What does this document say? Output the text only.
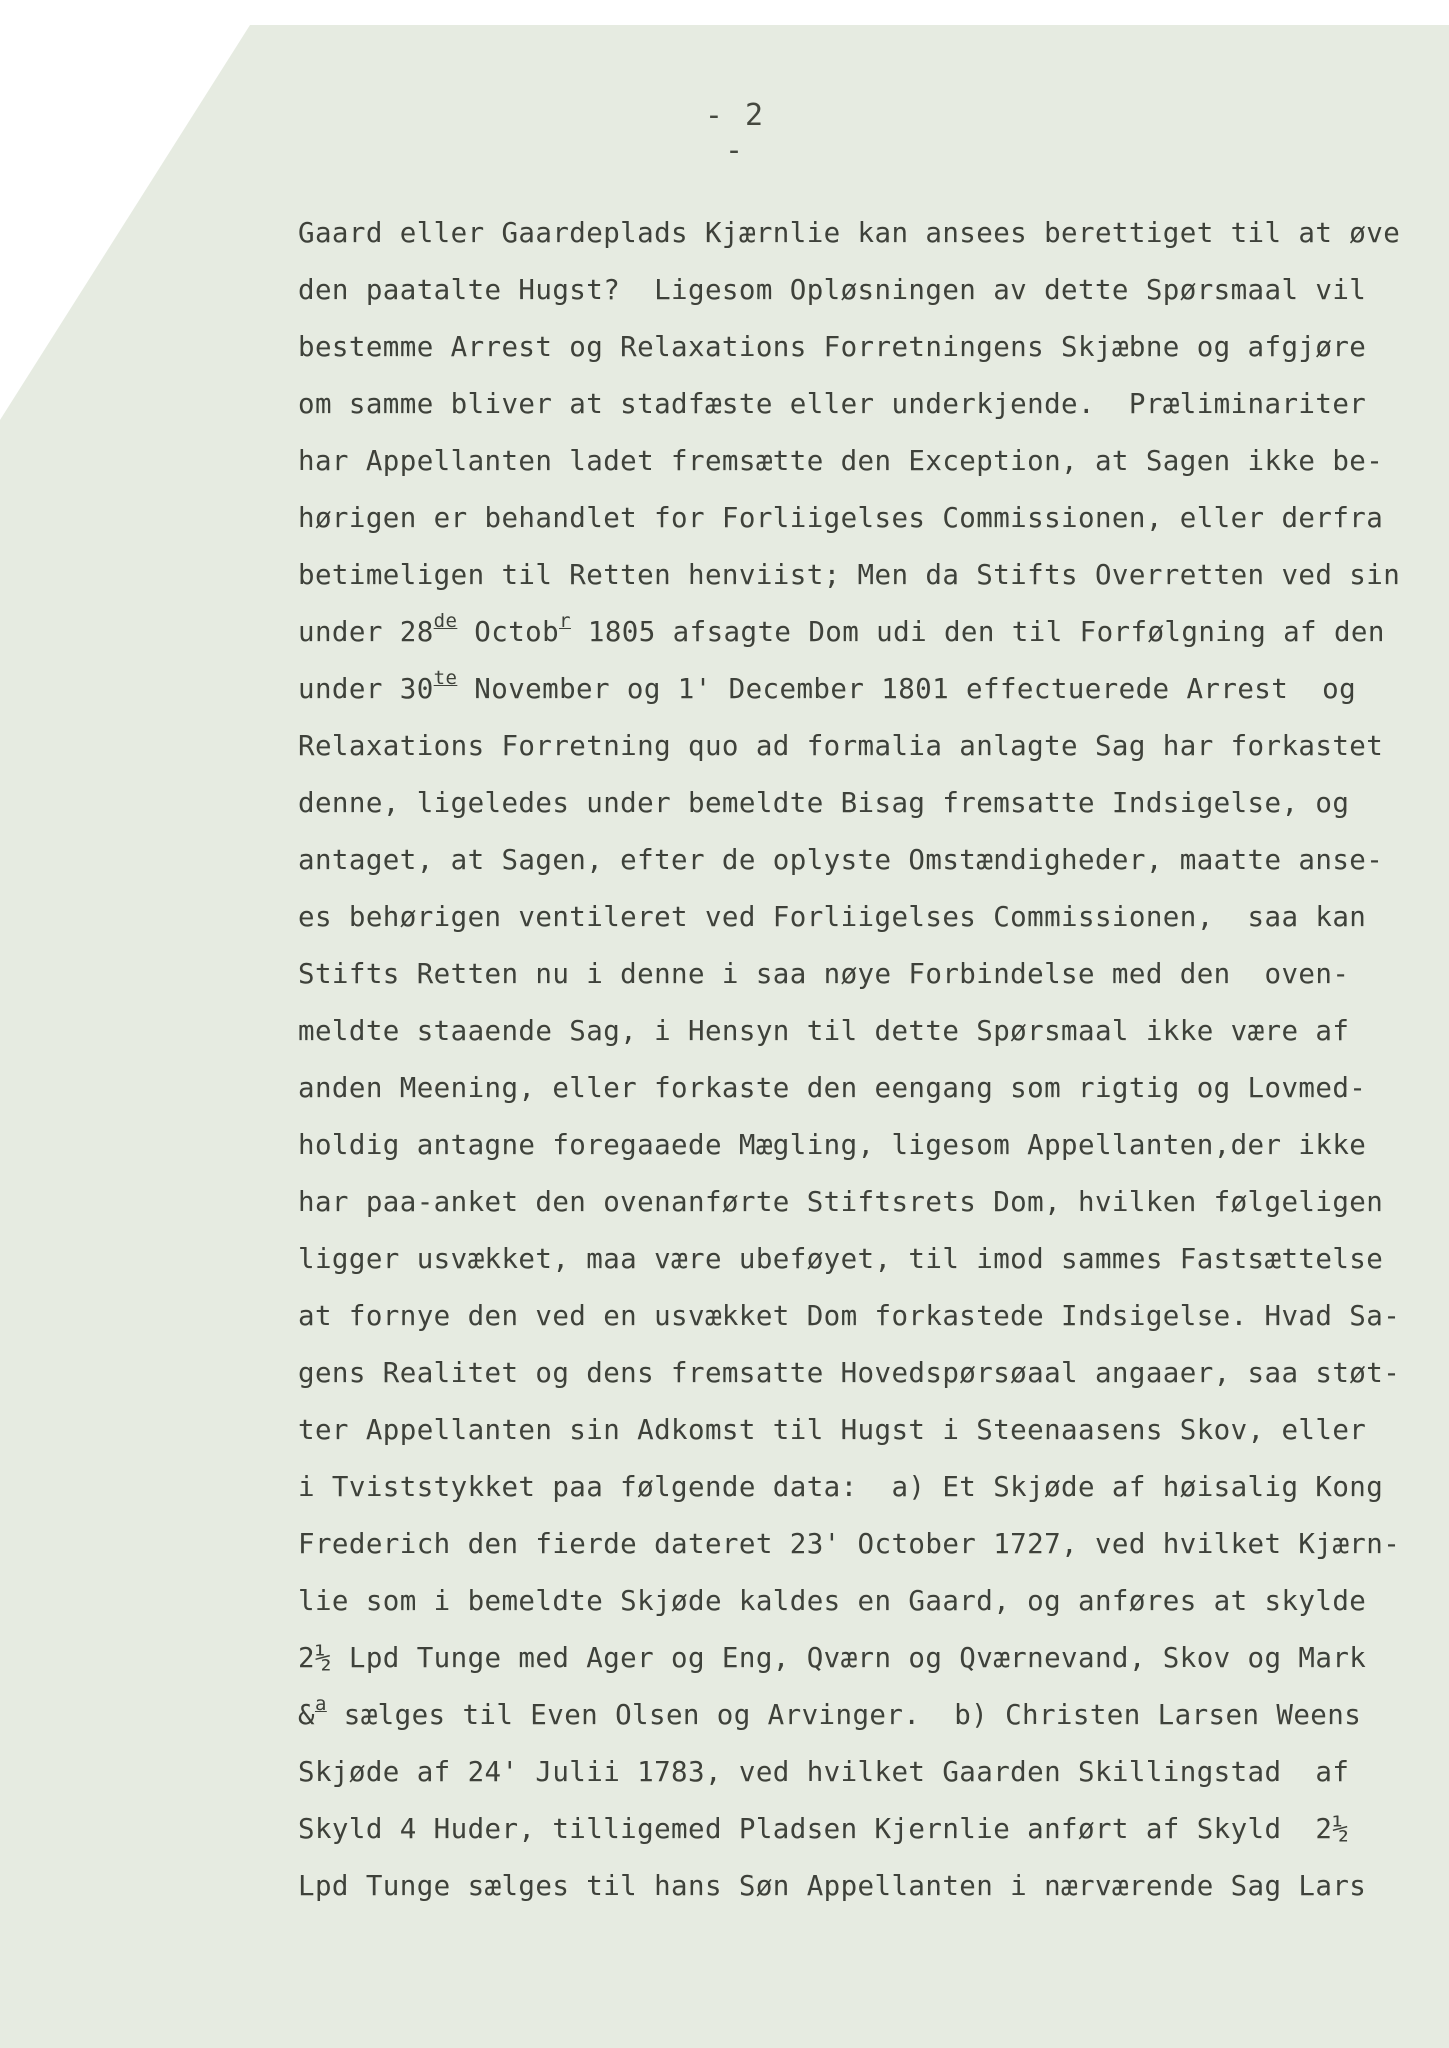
- 2 -
Gaard eller Gaardeplads Kjærnlie kan ansees berettiget til at øve
den paatalte Hugst?  Ligesom Opløsningen av dette Spørsmaal vil
bestemme Arrest og Relaxations Forretningens Skjæbne og afgjøre
om samme bliver at stadfæste eller underkjende.  Præliminariter
har Appellanten ladet fremsætte den Exception, at Sagen ikke be-
hørigen er behandlet for Forliigelses Commissionen, eller derfra
betimeligen til Retten henviist; Men da Stifts Overretten ved sin
under 28de Octob$^r$ 1805 afsagte Dom udi den til Forfølgning af den
under $30^{te}$ November og 1' December 1801 effectuerede Arrest  og
Relaxations Forretning quo ad formalia anlagte Sag har forkastet
denne, ligeledes under bemeldte Bisag fremsatte Indsigelse, og
antaget, at Sagen, efter de oplyste Omstændigheder, maatte anse-
es behørigen ventileret ved Forliigelses Commissionen,  saa kan
Stifts Retten nu i denne i saa nøye Forbindelse med den  oven-
meldte staaende Sag, i Hensyn til dette Spørsmaal ikke være af
anden Meening, eller forkaste den eengang som rigtig og Lovmed-
holdig antagne foregaaede Mægling, ligesom Appellanten,der ikke
har paa-anket den ovenanførte Stiftsrets Dom, hvilken følgeligen
ligger usvækket, maa være ubeføyet, til imod sammes Fastsættelse
at fornye den ved en usvækket Dom forkastede Indsigelse. Hvad Sa-
gens Realitet og dens fremsatte Hovedspørsøaal angaaer, saa støt-
ter Appellanten sin Adkomst til Hugst i Steenaasens Skov, eller
i Tviststykket paa følgende data:  a) Et Skjøde af høisalig Kong
Frederich den fierde dateret 23' October 1727, ved hvilket Kjærn-
lie som i bemeldte Skjøde kaldes en Gaard, og anføres at skylde
2½ Lpd Tunge med Ager og Eng, Qværn og Qværnevand, Skov og Mark
&$^a$ sælges til Even Olsen og Arvinger.  b) Christen Larsen Weens
Skjøde af 24' Julii 1783, ved hvilket Gaarden Skillingstad  af
Skyld 4 Huder, tilligemed Pladsen Kjernlie anført af Skyld  2½
Lpd Tunge sælges til hans Søn Appellanten i nærværende Sag Lars
